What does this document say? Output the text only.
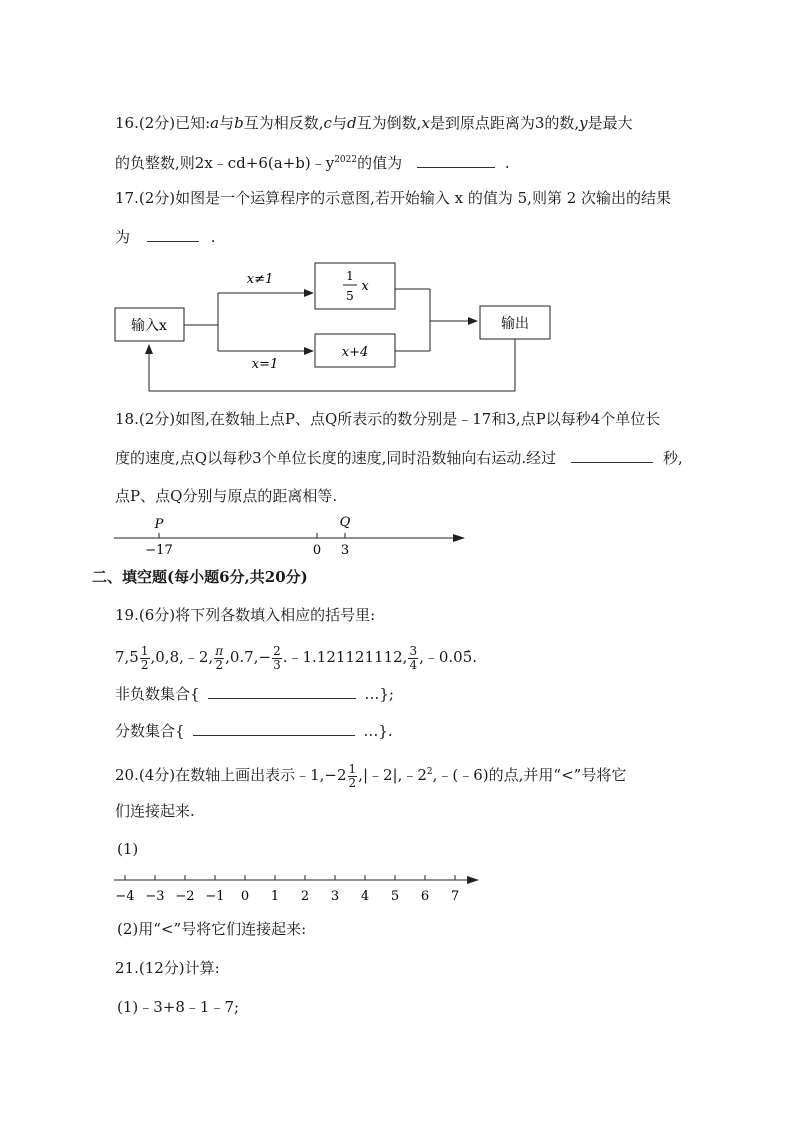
16.(2分)已知:a与b互为相反数,c与d互为倒数,x是到原点距离为3的数,y是最大
的负整数,则$2x﹣cd+6(a+b)﹣y^{2022}$的值为	.
17.(2分)如图是一个运算程序的示意图,若开始输入 x 的值为 5,则第 2 次输出的结果
为	.
输入x
x≠1
x=1
1
5
x
x+4
输出
18.(2分)如图,在数轴上点P、点Q所表示的数分别是﹣17和3,点P以每秒4个单位长
度的速度,点Q以每秒3个单位长度的速度,同时沿数轴向右运动.经过	秒,
点P、点Q分别与原点的距离相等.
P	Q
−17	0 3
二、填空题(每小题6分,共20分)
19.(6分)将下列各数填入相应的括号里:
$7,5 \frac{1}{2}$ ,0,8,﹣2, $\frac{\pi}{2} ,0.7,- \frac{2}{3}$ .﹣1.121121112, $\frac{3}{4}$ ,﹣0.05̇.
非负数集合{	…};
分数集合{	…}.
20.(4分)在数轴上画出表示﹣1,−2 $\frac{1}{2}$ $,|﹣2|,﹣2^2,﹣(﹣6)$的点,并用“<”号将它
们连接起来.
(1)
−4 −3 −2 −1 0 1 2 3 4 5 6 7
(2)用“<”号将它们连接起来:
21.(12分)计算:
(1)﹣3+8﹣1﹣7;
